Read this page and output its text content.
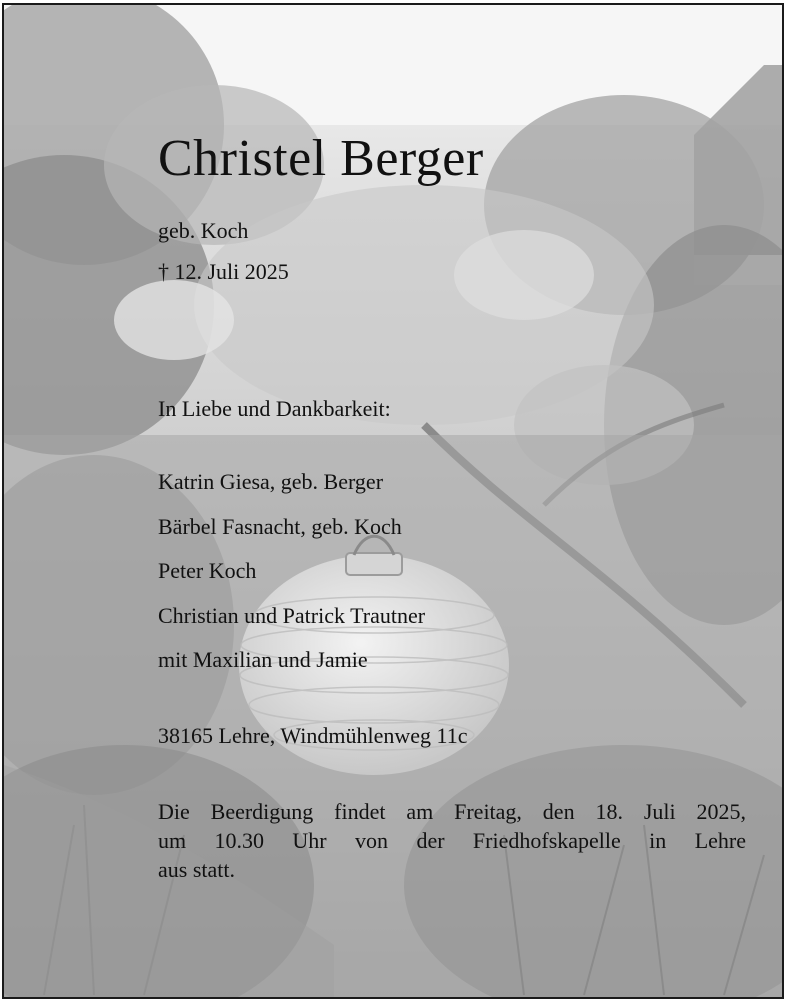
Christel Berger
geb. Koch
† 12. Juli 2025
In Liebe und Dankbarkeit:
Katrin Giesa, geb. Berger
Bärbel Fasnacht, geb. Koch
Peter Koch
Christian und Patrick Trautner
mit Maxilian und Jamie
38165 Lehre, Windmühlenweg 11c
Die Beerdigung findet am Freitag, den 18. Juli 2025,
um 10.30 Uhr von der Friedhofskapelle in Lehre
aus statt.
